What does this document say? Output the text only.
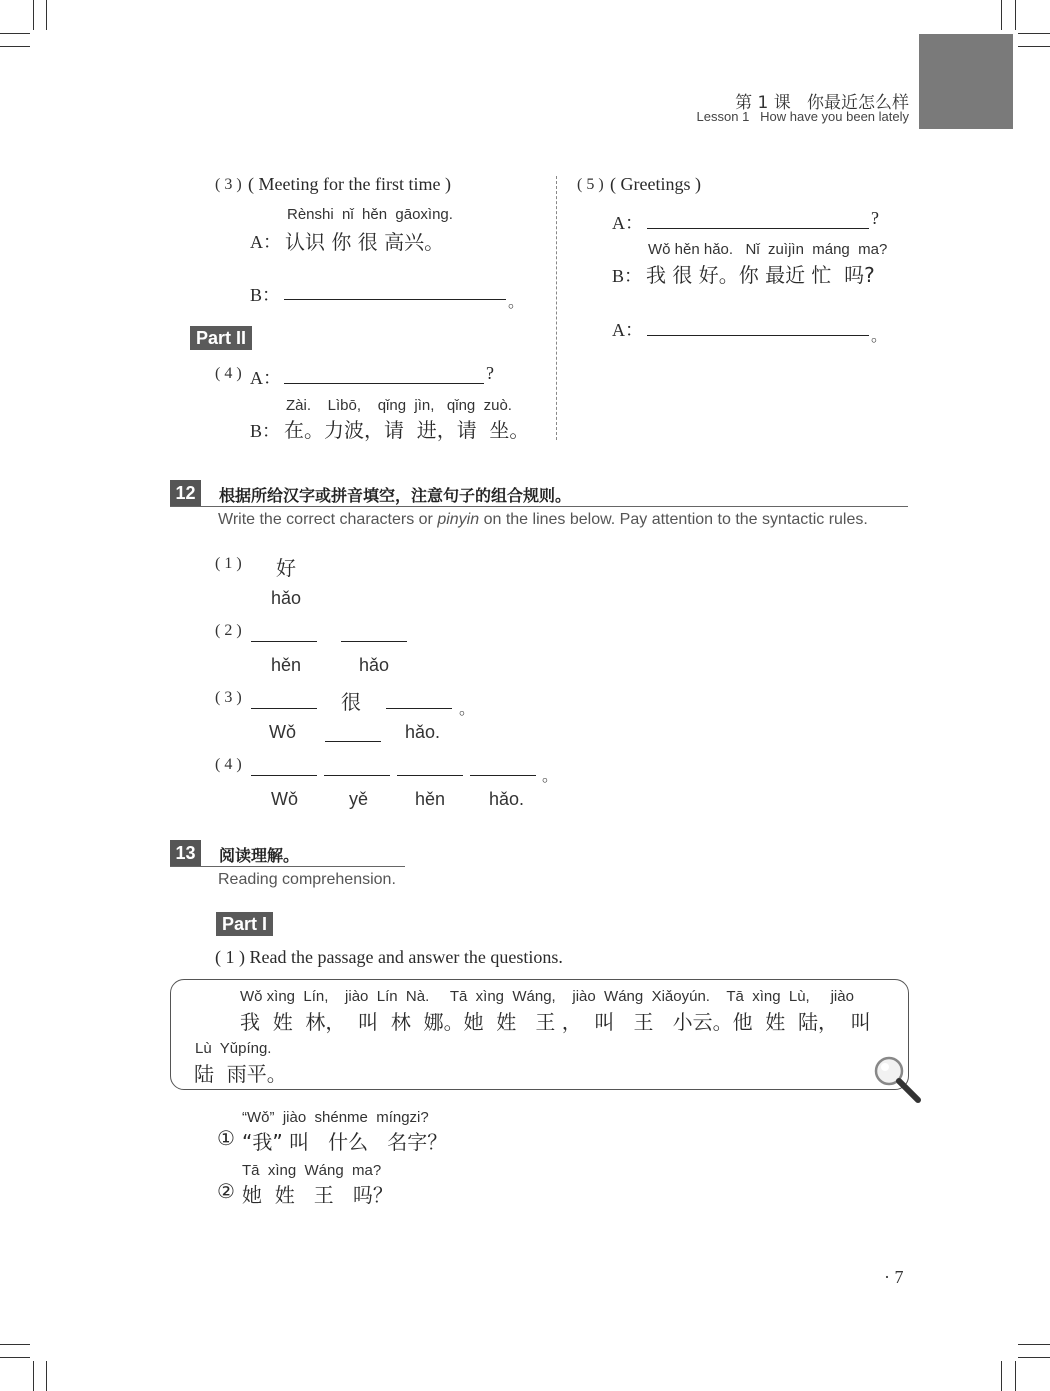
第 1 课   你最近怎么样
Lesson 1   How have you been lately
( 3 ) ( Meeting for the first time )
Rènshi  nǐ  hěn  gāoxìng.
A： 认识 你 很 高兴。
B：	。
Part II
( 4 ) A：	?
Zài.    Lìbō,    qǐng  jìn,   qǐng  zuò.
B： 在。力波，请  进，请  坐。
( 5 ) ( Greetings )
A：	?
Wǒ hěn hǎo.   Nǐ  zuìjìn  máng  ma?
B： 我 很 好。你 最近 忙  吗?
A：	。
12	根据所给汉字或拼音填空，注意句子的组合规则。
Write the correct characters or pinyin on the lines below. Pay attention to the syntactic rules.
( 1 ) 好
hǎo
( 2 )
hěn	hǎo
( 3 )	很	。
Wǒ	hǎo.
( 4 )
。
Wǒ	yě	hěn hǎo.
13	阅读理解。
Reading comprehension.
Part I
( 1 ) Read the passage and answer the questions.
Wǒ xìng  Lín,    jiào  Lín  Nà.     Tā  xìng  Wáng,    jiào  Wáng  Xiǎoyún.    Tā  xìng  Lù,     jiào
我  姓  林，  叫  林  娜。她  姓   王 ，  叫   王   小云。他  姓  陆，  叫
Lù  Yǔpíng.
陆  雨平。
“Wǒ”  jiào  shénme  míngzi?
① “我” 叫   什么   名字？
Tā  xìng  Wáng  ma?
② 她  姓   王   吗？
· 7
